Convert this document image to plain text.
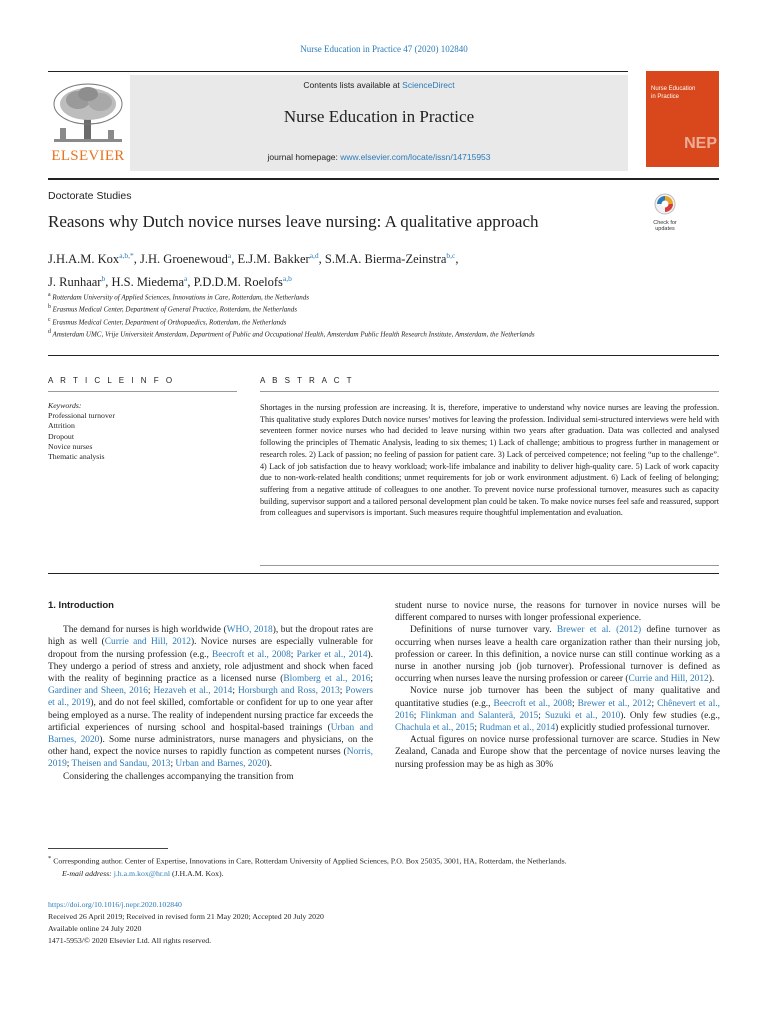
Nurse Education in Practice 47 (2020) 102840
ELSEVIER
Contents lists available at ScienceDirect
Nurse Education in Practice
journal homepage: www.elsevier.com/locate/issn/14715953
Nurse Education in Practice
NEP
Doctorate Studies
Reasons why Dutch novice nurses leave nursing: A qualitative approach	Check for updates
J.H.A.M. Kox$^{a,b,*}$, J.H. Groenewoud$^a$, E.J.M. Bakker$^{a,d}$, S.M.A. Bierma-Zeinstra$^{b,c}$,
J. Runhaar$^b$, H.S. Miedema$^a$, P.D.D.M. Roelofs$^{a,b}$
$^a$ Rotterdam University of Applied Sciences, Innovations in Care, Rotterdam, the Netherlands
$^b$ Erasmus Medical Center, Department of General Practice, Rotterdam, the Netherlands
$^c$ Erasmus Medical Center, Department of Orthopaedics, Rotterdam, the Netherlands
$^d$ Amsterdam UMC, Vrije Universiteit Amsterdam, Department of Public and Occupational Health, Amsterdam Public Health Research Institute, Amsterdam, the Netherlands
A R T I C L E I N F O
Keywords:
Professional turnover
Attrition
Dropout
Novice nurses
Thematic analysis
A B S T R A C T
Shortages in the nursing profession are increasing. It is, therefore, imperative to understand why novice nurses are leaving the profession. This qualitative study explores Dutch novice nurses’ motives for leaving the profession. Individual semi-structured interviews were held with seventeen former novice nurses who had decided to leave nursing within two years after graduation. Data was collected and analysed following the principles of Thematic Analysis, leading to six themes; 1) Lack of challenge; ambitious to progress further in management or research roles. 2) Lack of passion; no feeling of passion for patient care. 3) Lack of perceived competence; not feeling “up to the challenge”. 4) Lack of job satisfaction due to heavy workload; work-life imbalance and inability to deliver high-quality care. 5) Lack of work capacity due to non-work-related health conditions; unmet requirements for job or work environment adjustment. 6) Lack of feeling of belonging; suffering from a negative attitude of colleagues to one another. To prevent novice nurse professional turnover, measures such as capacity building, supervisor support and a tailored personal development plan could be taken. To make novice nurses feel safe and reassured, support from colleagues and supervisors is important. Such measures require thoughtful implementation and evaluation.

1. Introduction

The demand for nurses is high worldwide (WHO, 2018), but the dropout rates are high as well (Currie and Hill, 2012). Novice nurses are especially vulnerable for dropout from the nursing profession (e.g., Beecroft et al., 2008; Parker et al., 2014). They undergo a period of stress and anxiety, role adjustment and shock when faced with the reality of beginning practice as a licensed nurse (Blomberg et al., 2016; Gardiner and Sheen, 2016; Hezaveh et al., 2014; Horsburgh and Ross, 2013; Powers et al., 2019), and do not feel skilled, comfortable or confident for up to one year after being employed as a nurse. The reality of independent nursing practice far exceeds the artificial experiences of nursing school and hospital-based trainings (Urban and Barnes, 2020). Some nurse administrators, nurse managers and physicians, on the other hand, expect the novice nurses to rapidly function as competent nurses (Norris, 2019; Theisen and Sandau, 2013; Urban and Barnes, 2020).

Considering the challenges accompanying the transition from

student nurse to novice nurse, the reasons for turnover in novice nurses will be different compared to nurses with longer professional experience.

Definitions of nurse turnover vary. Brewer et al. (2012) define turnover as occurring when nurses leave a health care organization rather than their nursing job, profession or career. In this definition, a novice nurse can still continue working as a nurse in another nursing job (job turnover). Professional turnover is defined as occurring when nurses leave the nursing profession or career (Currie and Hill, 2012).

Novice nurse job turnover has been the subject of many qualitative and quantitative studies (e.g., Beecroft et al., 2008; Brewer et al., 2012; Chênevert et al., 2016; Flinkman and Salanterä, 2015; Suzuki et al., 2010). Only few studies (e.g., Chachula et al., 2015; Rudman et al., 2014) explicitly studied professional turnover.

Actual figures on novice nurse professional turnover are scarce. Studies in New Zealand, Canada and Europe show that the percentage of novice nurses leaving the nursing profession may be as high as 30%

* Corresponding author. Center of Expertise, Innovations in Care, Rotterdam University of Applied Sciences, P.O. Box 25035, 3001, HA, Rotterdam, the Netherlands.
E-mail address: j.h.a.m.kox@hr.nl (J.H.A.M. Kox).
https://doi.org/10.1016/j.nepr.2020.102840
Received 26 April 2019; Received in revised form 21 May 2020; Accepted 20 July 2020
Available online 24 July 2020
1471-5953/© 2020 Elsevier Ltd. All rights reserved.
